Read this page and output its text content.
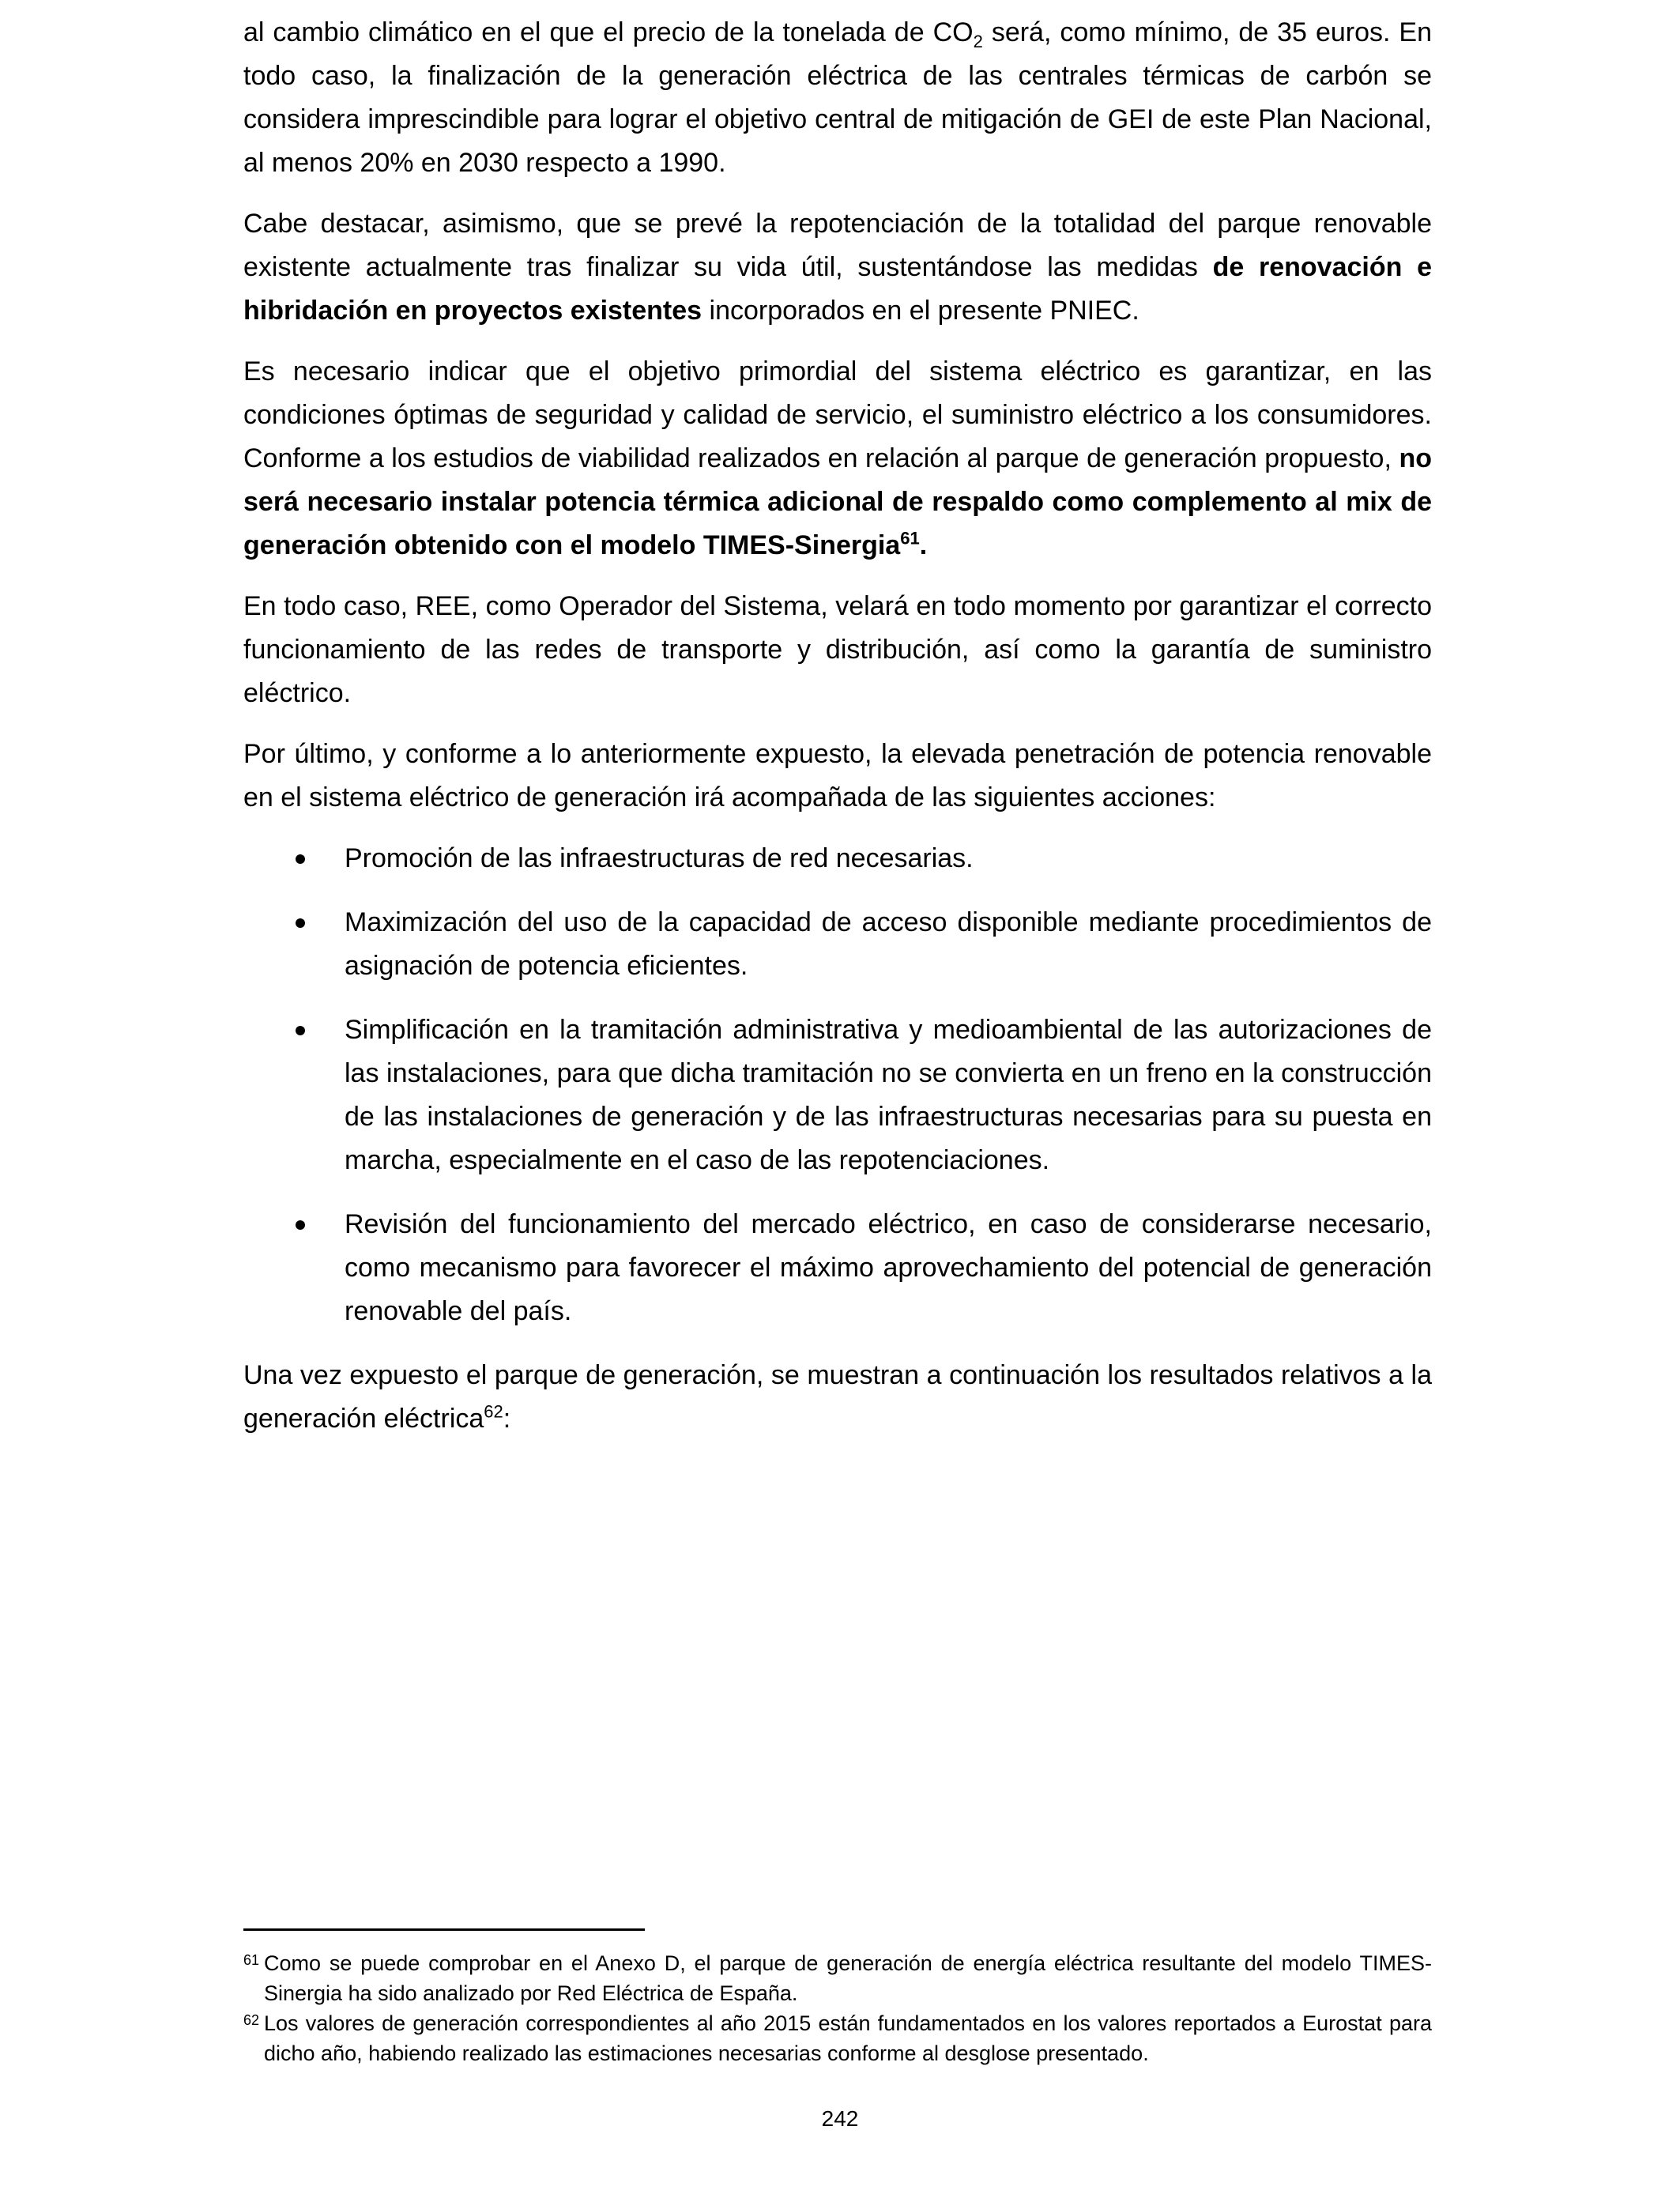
al cambio climático en el que el precio de la tonelada de $CO_2$ será, como mínimo, de 35 euros. En todo caso, la finalización de la generación eléctrica de las centrales térmicas de carbón se considera imprescindible para lograr el objetivo central de mitigación de GEI de este Plan Nacional, al menos 20% en 2030 respecto a 1990.

Cabe destacar, asimismo, que se prevé la repotenciación de la totalidad del parque renovable existente actualmente tras finalizar su vida útil, sustentándose las medidas de renovación e hibridación en proyectos existentes incorporados en el presente PNIEC.

Es necesario indicar que el objetivo primordial del sistema eléctrico es garantizar, en las condiciones óptimas de seguridad y calidad de servicio, el suministro eléctrico a los consumidores. Conforme a los estudios de viabilidad realizados en relación al parque de generación propuesto, no será necesario instalar potencia térmica adicional de respaldo como complemento al mix de generación obtenido con el modelo TIMES-Sinergia$^{61}$.

En todo caso, REE, como Operador del Sistema, velará en todo momento por garantizar el correcto funcionamiento de las redes de transporte y distribución, así como la garantía de suministro eléctrico.

Por último, y conforme a lo anteriormente expuesto, la elevada penetración de potencia renovable en el sistema eléctrico de generación irá acompañada de las siguientes acciones:

Promoción de las infraestructuras de red necesarias.
Maximización del uso de la capacidad de acceso disponible mediante procedimientos de asignación de potencia eficientes.
Simplificación en la tramitación administrativa y medioambiental de las autorizaciones de las instalaciones, para que dicha tramitación no se convierta en un freno en la construcción de las instalaciones de generación y de las infraestructuras necesarias para su puesta en marcha, especialmente en el caso de las repotenciaciones.
Revisión del funcionamiento del mercado eléctrico, en caso de considerarse necesario, como mecanismo para favorecer el máximo aprovechamiento del potencial de generación renovable del país.

Una vez expuesto el parque de generación, se muestran a continuación los resultados relativos a la generación eléctrica$^{62}$:

61 Como se puede comprobar en el Anexo D, el parque de generación de energía eléctrica resultante del modelo TIMES-Sinergia ha sido analizado por Red Eléctrica de España.

62 Los valores de generación correspondientes al año 2015 están fundamentados en los valores reportados a Eurostat para dicho año, habiendo realizado las estimaciones necesarias conforme al desglose presentado.

242
